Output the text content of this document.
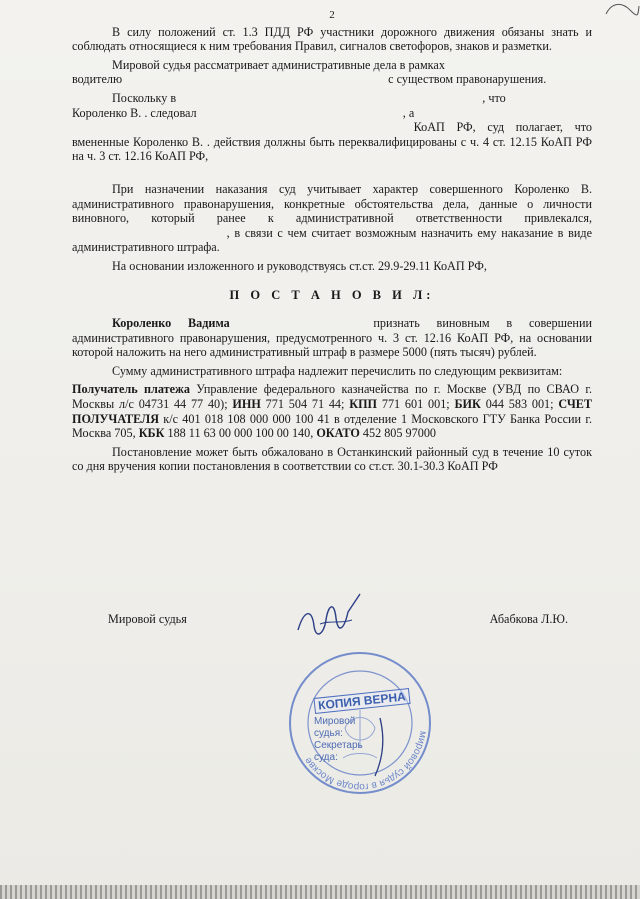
2

В силу положений ст. 1.3 ПДД РФ участники дорожного движения обязаны знать и соблюдать относящиеся к ним требования Правил, сигналов светофоров, знаков и разметки.

Мировой судья рассматривает административные дела в рамках
водителю	с существом правонарушения.

Поскольку в	, что
Короленко В. . следовал	, а
КоАП РФ, суд полагает, что вмененные Короленко В. . действия должны быть переквалифицированы с ч. 4 ст. 12.15 КоАП РФ на ч. 3 ст. 12.16 КоАП РФ,

При назначении наказания суд учитывает характер совершенного Короленко В. административного правонарушения, конкретные обстоятельства дела, данные о личности виновного, который ранее к административной ответственности привлекался,  , в связи с чем считает возможным назначить ему наказание в виде административного штрафа.

На основании изложенного и руководствуясь ст.ст. 29.9-29.11 КоАП РФ,

П О С Т А Н О В И Л:

Короленко Вадима	признать виновным в совершении административного правонарушения, предусмотренного ч. 3 ст. 12.16 КоАП РФ, на основании которой наложить на него административный штраф в размере 5000 (пять тысяч) рублей.

Сумму административного штрафа надлежит перечислить по следующим реквизитам:

Получатель платежа Управление федерального казначейства по г. Москве (УВД по СВАО г. Москвы л/с 04731 44 77 40); ИНН 771 504 71 44; КПП 771 601 001; БИК 044 583 001; СЧЕТ ПОЛУЧАТЕЛЯ к/с 401 018 108 000 000 100 41 в отделение 1 Московского ГТУ Банка России г. Москва 705, КБК 188 11 63 00 000 100 00 140, ОКАТО 452 805 97000

Постановление может быть обжаловано в Останкинский районный суд в течение 10 суток со дня вручения копии постановления в соответствии со ст.ст. 30.1-30.3 КоАП РФ

Мировой судья	Абабкова Л.Ю.
мировой судья в городе Москве
КОПИЯ ВЕРНА
Мировой
судья:
Секретарь
суда:
